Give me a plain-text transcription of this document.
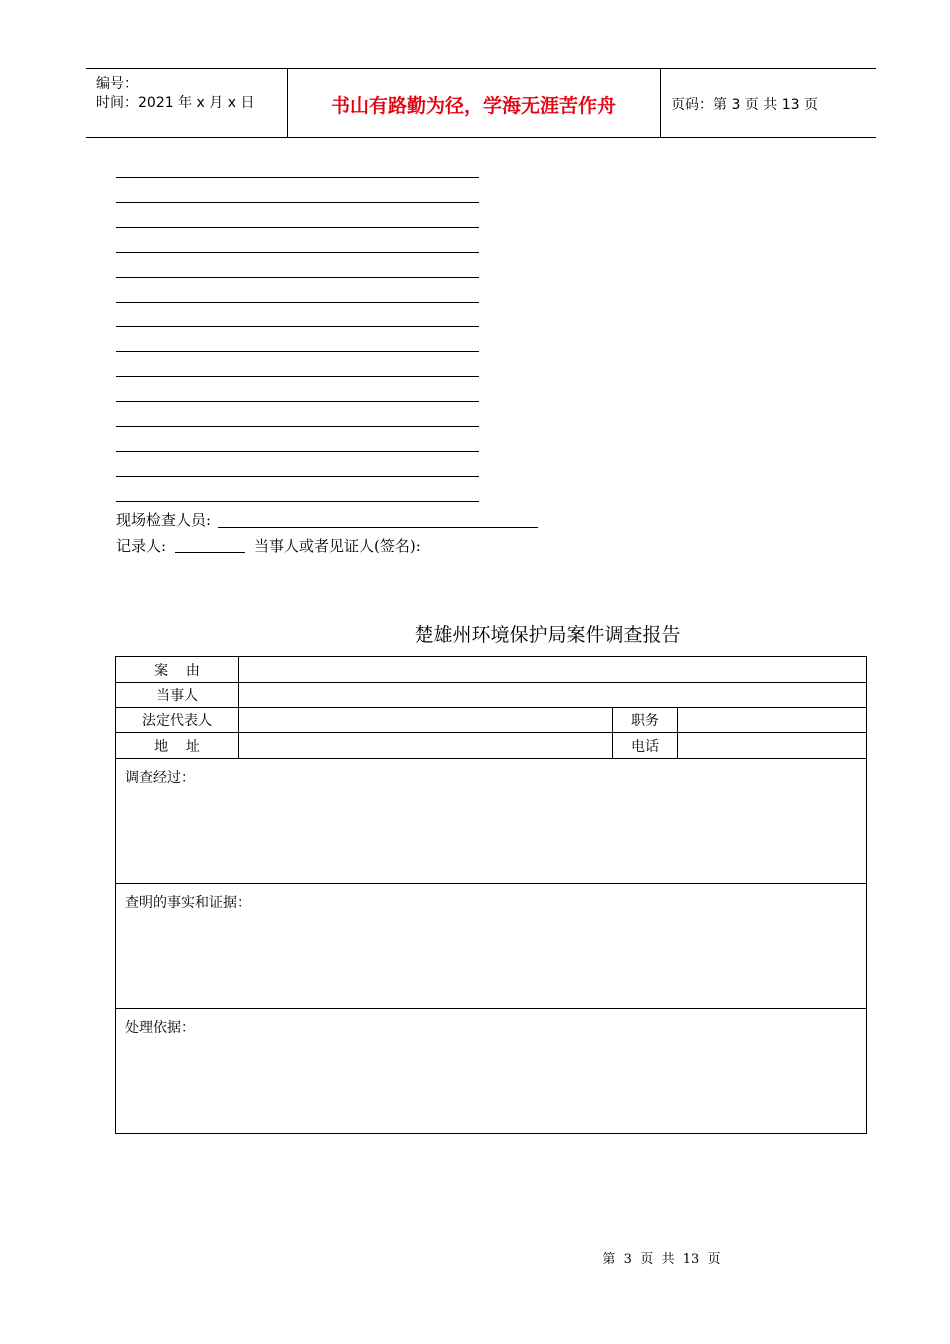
编号：
时间：2021 年 x 月 x 日	书山有路勤为径，学海无涯苦作舟	页码：第 3 页 共 13 页
现场检查人员:
记录人:	当事人或者见证人(签名):
楚雄州环境保护局案件调查报告
案    由			
当事人			
法定代表人		职务	
地    址		电话	

调查经过：			

查明的事实和证据：			

处理依据：			
第  3  页  共  13  页
